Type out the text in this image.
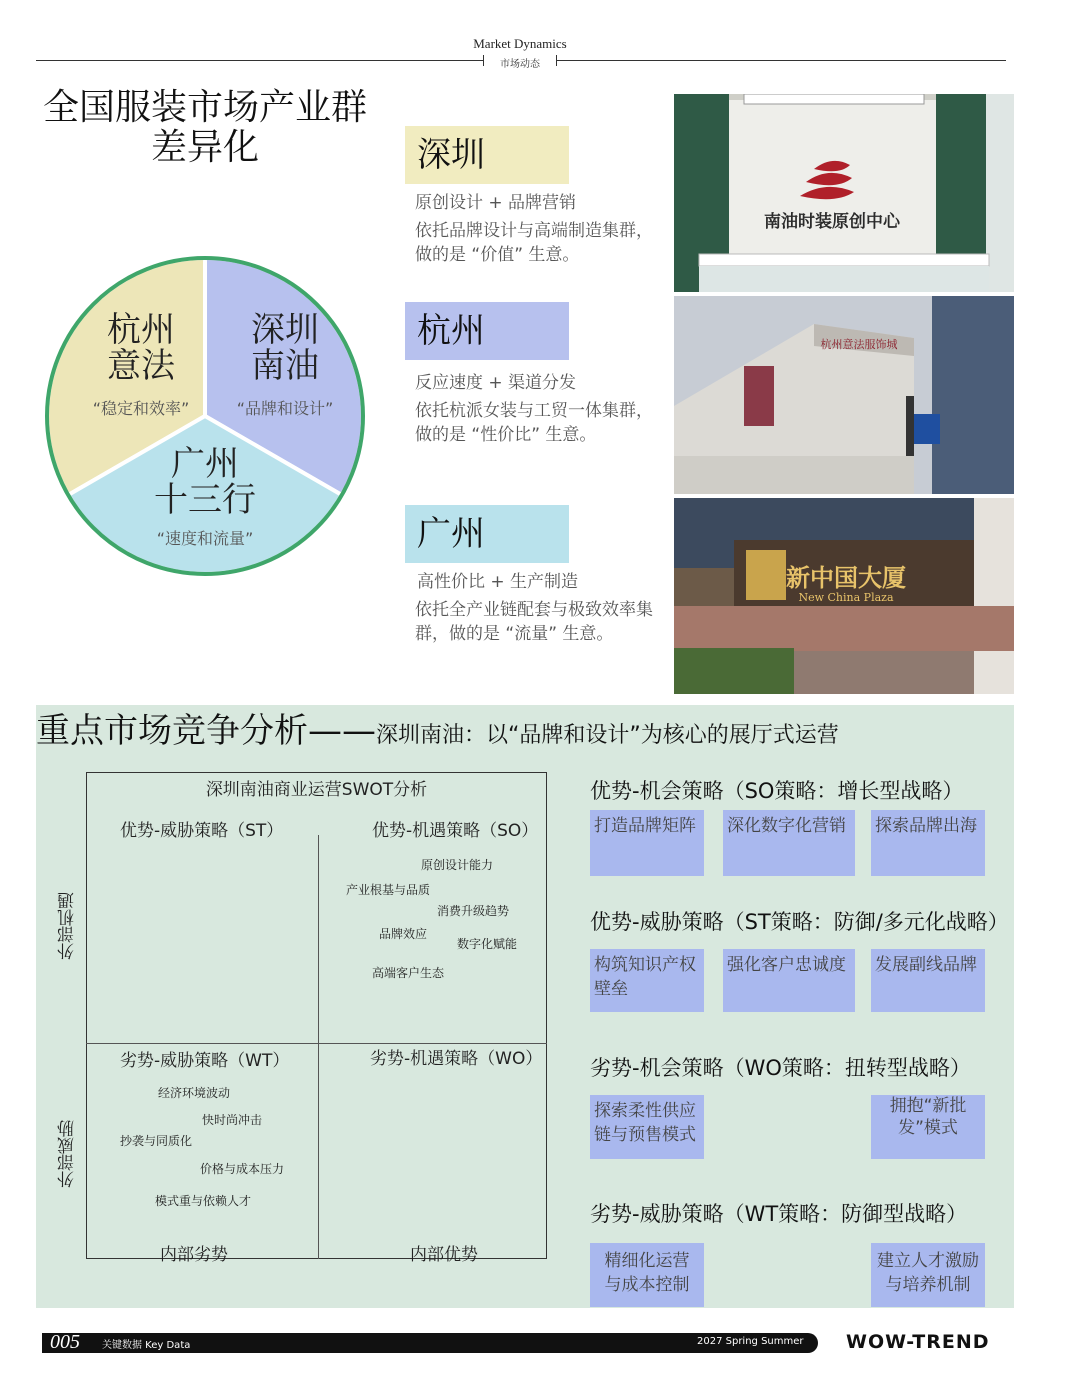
Market Dynamics
市场动态
全国服装市场产业群
差异化
杭州
意法
“稳定和效率”
深圳
南油
“品牌和设计”
广州
十三行
“速度和流量”
深圳
原创设计 + 品牌营销
依托品牌设计与高端制造集群，
做的是 “价值” 生意。
杭州
反应速度 + 渠道分发
依托杭派女装与工贸一体集群，
做的是 “性价比” 生意。
广州
高性价比 + 生产制造
依托全产业链配套与极致效率集
群，做的是 “流量” 生意。
南油时装原创中心
杭州意法服饰城
新中国大厦
New China Plaza
重点市场竞争分析——深圳南油：以“品牌和设计”为核心的展厅式运营
深圳南油商业运营SWOT分析
优势-威胁策略（ST）	优势-机遇策略（SO）
劣势-威胁策略（WT）	劣势-机遇策略（WO）
外部机遇
外部威胁
内部劣势	内部优势
原创设计能力
产业根基与品质
消费升级趋势
品牌效应
数字化赋能
高端客户生态
经济环境波动
快时尚冲击
抄袭与同质化
价格与成本压力
模式重与依赖人才
优势-机会策略（SO策略：增长型战略）
打造品牌矩阵	深化数字化营销	探索品牌出海
优势-威胁策略（ST策略：防御/多元化战略）
构筑知识产权壁垒
强化客户忠诚度	发展副线品牌
劣势-机会策略（WO策略：扭转型战略）
探索柔性供应链与预售模式
拥抱“新批发”模式
劣势-威胁策略（WT策略：防御型战略）
精细化运营与成本控制
建立人才激励与培养机制
005 关键数据 Key Data	2027 Spring Summer WOW-TREND
